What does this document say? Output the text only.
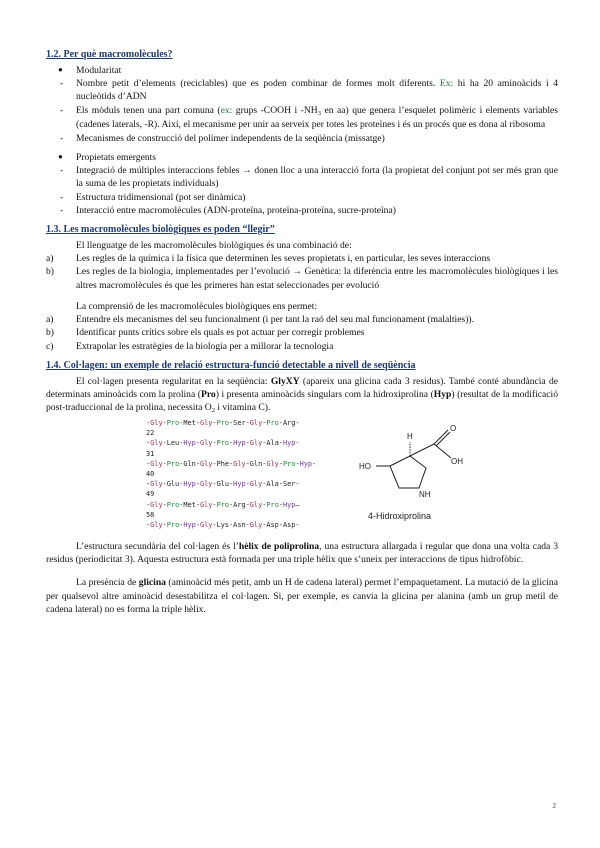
1.2. Per què macromolècules?
● Modularitat
- Nombre petit d’elements (reciclables) que es poden combinar de formes molt diferents. Ex: hi ha 20 aminoàcids i 4 nucleòtids d’ADN
- Els mòduls tenen una part comuna (ex: grups -COOH i $-NH_3$ en aa) que genera l’esquelet polimèric i elements variables (cadenes laterals, -R). Així, el mecanisme per unir aa serveix per totes les proteïnes i és un procés que es dona al ribosoma
- Mecanismes de construcció del polímer independents de la seqüència (missatge)
● Propietats emergents
- Integració de múltiples interaccions febles → donen lloc a una interacció forta (la propietat del conjunt pot ser més gran que la suma de les propietats individuals)
- Estructura tridimensional (pot ser dinàmica)
- Interacció entre macromolècules (ADN-proteïna, proteïna-proteïna, sucre-proteïna)
1.3. Les macromolècules biològiques es poden “llegir”

El llenguatge de les macromolècules biològiques és una combinació de:

a) Les regles de la química i la física que determinen les seves propietats i, en particular, les seves interaccions
b) Les regles de la biologia, implementades per l’evolució → Genètica: la diferència entre les macromolècules biològiques i les altres macromolècules és que les primeres han estat seleccionades per evolució

La comprensió de les macromolècules biològiques ens permet:

a) Entendre els mecanismes del seu funcionalment (i per tant la raó del seu mal funcionament (malalties)).
b) Identificar punts crítics sobre els quals es pot actuar per corregir problemes
c) Extrapolar les estratègies de la biologia per a millorar la tecnologia
1.4. Col·lagen: un exemple de relació estructura-funció detectable a nivell de seqüència

El col·lagen presenta regularitat en la seqüència: GlyXY (apareix una glicina cada 3 residus). També conté abundància de determinats aminoàcids com la prolina (Pro) i presenta aminoàcids singulars com la hidroxiprolina (Hyp) (resultat de la modificació post-traduccional de la prolina, necessita $O_2$ i vitamina C).

-Gly-Pro-Met-Gly-Pro-Ser-Gly-Pro-Arg-
22
-Gly-Leu-Hyp-Gly-Pro-Hyp-Gly-Ala-Hyp-
31
-Gly-Pro-Gln-Gly-Phe-Gly-Gln-Gly-Pro-Hyp-
40
-Gly-Glu-Hyp-Gly-Glu-Hyp-Gly-Ala-Ser-
49
-Gly-Pro-Met-Gly-Pro-Arg-Gly-Pro-Hyp—
58
-Gly-Pro-Hyp-Gly-Lys-Asn-Gly-Asp-Asp-
H
O
OH
HO
NH
4-Hidroxiprolina

L’estructura secundària del col·lagen és l’hèlix de poliprolina, una estructura allargada i regular que dona una volta cada 3 residus (periodicitat 3). Aquesta estructura està formada per una triple hèlix que s’uneix per interaccions de tipus hidrofòbic.

La presència de glicina (aminoàcid més petit, amb un H de cadena lateral) permet l’empaquetament. La mutació de la glicina per qualsevol altre aminoàcid desestabilitza el col·lagen. Si, per exemple, es canvia la glicina per alanina (amb un grup metil de cadena lateral) no es forma la triple hèlix.

2
